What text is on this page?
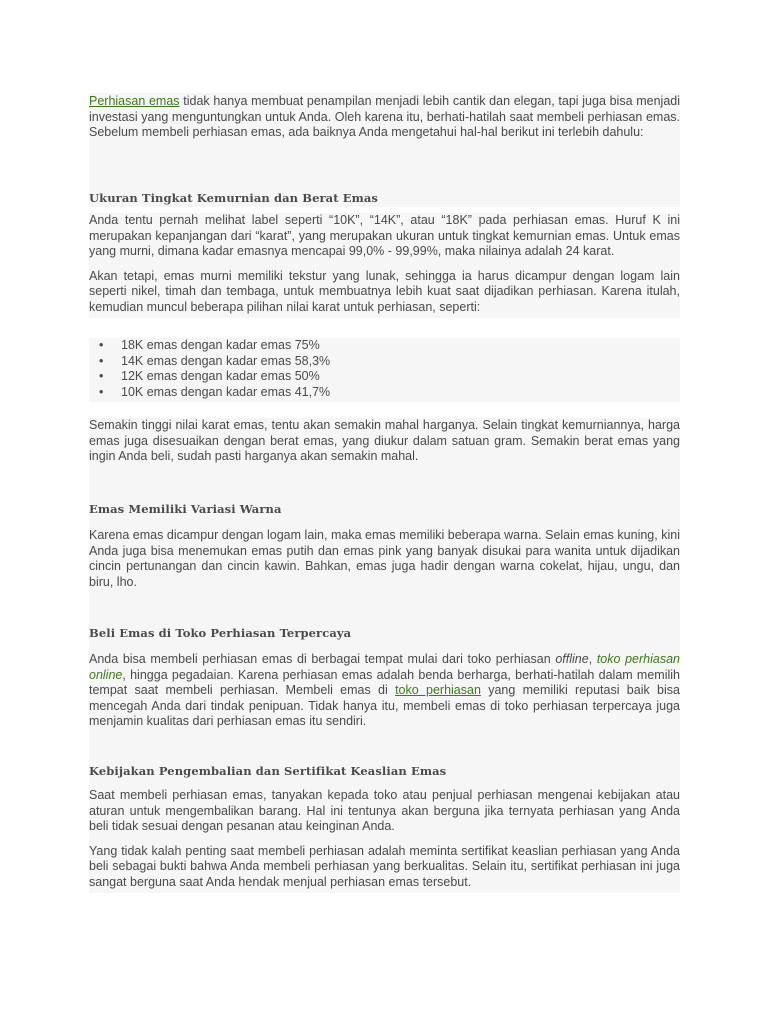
Perhiasan emas tidak hanya membuat penampilan menjadi lebih cantik dan elegan, tapi juga bisa menjadi investasi yang menguntungkan untuk Anda. Oleh karena itu, berhati-hatilah saat membeli perhiasan emas. Sebelum membeli perhiasan emas, ada baiknya Anda mengetahui hal-hal berikut ini terlebih dahulu:

Ukuran Tingkat Kemurnian dan Berat Emas

Anda tentu pernah melihat label seperti “10K”, “14K”, atau “18K” pada perhiasan emas. Huruf K ini merupakan kepanjangan dari “karat”, yang merupakan ukuran untuk tingkat kemurnian emas. Untuk emas yang murni, dimana kadar emasnya mencapai 99,0% - 99,99%, maka nilainya adalah 24 karat.

Akan tetapi, emas murni memiliki tekstur yang lunak, sehingga ia harus dicampur dengan logam lain seperti nikel, timah dan tembaga, untuk membuatnya lebih kuat saat dijadikan perhiasan. Karena itulah, kemudian muncul beberapa pilihan nilai karat untuk perhiasan, seperti:

• 18K emas dengan kadar emas 75%
• 14K emas dengan kadar emas 58,3%
• 12K emas dengan kadar emas 50%
• 10K emas dengan kadar emas 41,7%

Semakin tinggi nilai karat emas, tentu akan semakin mahal harganya. Selain tingkat kemurniannya, harga emas juga disesuaikan dengan berat emas, yang diukur dalam satuan gram. Semakin berat emas yang ingin Anda beli, sudah pasti harganya akan semakin mahal.

Emas Memiliki Variasi Warna

Karena emas dicampur dengan logam lain, maka emas memiliki beberapa warna. Selain emas kuning, kini Anda juga bisa menemukan emas putih dan emas pink yang banyak disukai para wanita untuk dijadikan cincin pertunangan dan cincin kawin. Bahkan, emas juga hadir dengan warna cokelat, hijau, ungu, dan biru, lho.

Beli Emas di Toko Perhiasan Terpercaya

Anda bisa membeli perhiasan emas di berbagai tempat mulai dari toko perhiasan offline, toko perhiasan online, hingga pegadaian. Karena perhiasan emas adalah benda berharga, berhati-hatilah dalam memilih tempat saat membeli perhiasan. Membeli emas di toko perhiasan yang memiliki reputasi baik bisa mencegah Anda dari tindak penipuan. Tidak hanya itu, membeli emas di toko perhiasan terpercaya juga menjamin kualitas dari perhiasan emas itu sendiri.

Kebijakan Pengembalian dan Sertifikat Keaslian Emas

Saat membeli perhiasan emas, tanyakan kepada toko atau penjual perhiasan mengenai kebijakan atau aturan untuk mengembalikan barang. Hal ini tentunya akan berguna jika ternyata perhiasan yang Anda beli tidak sesuai dengan pesanan atau keinginan Anda.

Yang tidak kalah penting saat membeli perhiasan adalah meminta sertifikat keaslian perhiasan yang Anda beli sebagai bukti bahwa Anda membeli perhiasan yang berkualitas. Selain itu, sertifikat perhiasan ini juga sangat berguna saat Anda hendak menjual perhiasan emas tersebut.
